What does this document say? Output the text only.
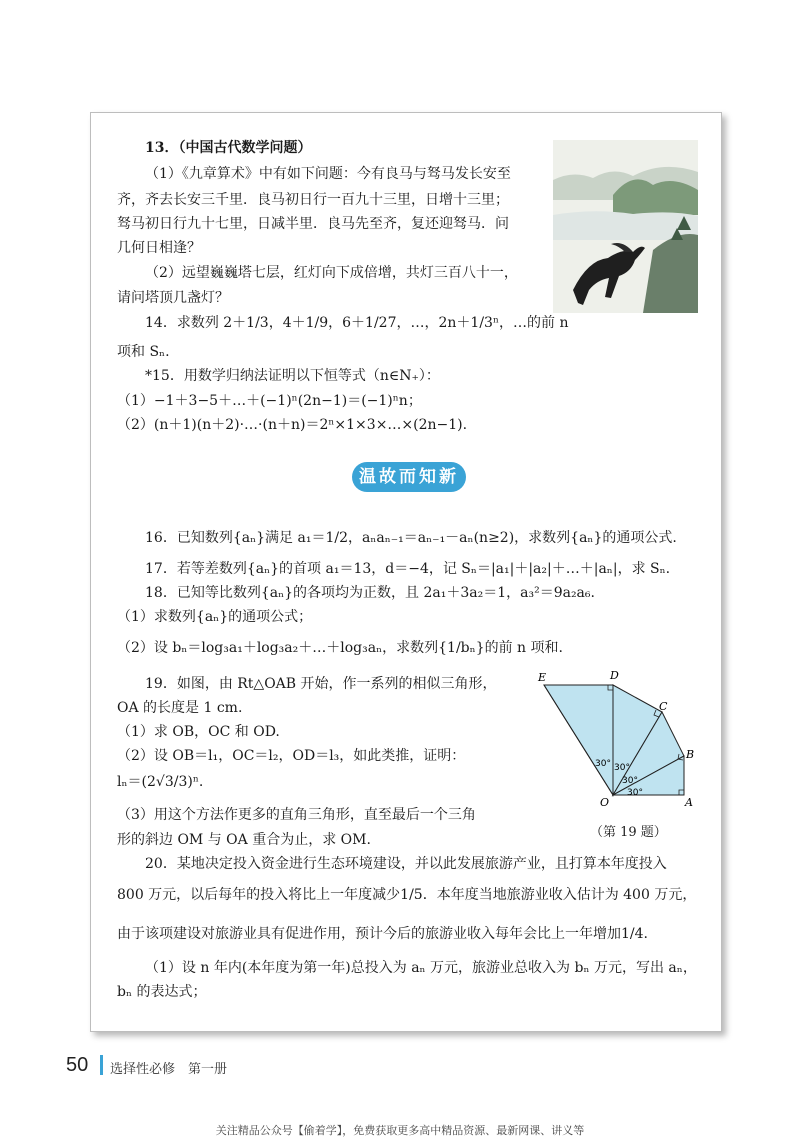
13．（中国古代数学问题）
（1）《九章算术》中有如下问题：今有良马与驽马发长安至
齐，齐去长安三千里．良马初日行一百九十三里，日增十三里；
驽马初日行九十七里，日减半里．良马先至齐，复还迎驽马．问
几何日相逢？
（2）远望巍巍塔七层，红灯向下成倍增，共灯三百八十一，
请问塔顶几盏灯？
14．求数列 2＋1/3，4＋1/9，6＋1/27，…，2n＋1/3ⁿ，…的前 n
项和 Sₙ.
*15．用数学归纳法证明以下恒等式（n∈N₊）：
（1）−1＋3−5＋…＋(−1)ⁿ(2n−1)＝(−1)ⁿn；
（2）(n＋1)(n＋2)·…·(n＋n)＝2ⁿ×1×3×…×(2n−1).
温故而知新
16．已知数列{aₙ}满足 a₁＝1/2，aₙaₙ₋₁＝aₙ₋₁－aₙ(n≥2)，求数列{aₙ}的通项公式.
17．若等差数列{aₙ}的首项 a₁＝13，d＝−4，记 Sₙ＝|a₁|＋|a₂|＋…＋|aₙ|，求 Sₙ.
18．已知等比数列{aₙ}的各项均为正数，且 2a₁＋3a₂＝1，a₃²＝9a₂a₆.
（1）求数列{aₙ}的通项公式；
（2）设 bₙ＝log₃a₁＋log₃a₂＋…＋log₃aₙ，求数列{1/bₙ}的前 n 项和.
19．如图，由 Rt△OAB 开始，作一系列的相似三角形，
OA 的长度是 1 cm.
（1）求 OB，OC 和 OD.
（2）设 OB＝l₁，OC＝l₂，OD＝l₃，如此类推，证明：
lₙ＝(2√3/3)ⁿ.
（3）用这个方法作更多的直角三角形，直至最后一个三角
形的斜边 OM 与 OA 重合为止，求 OM.
E	D
C
B
O	A
30° 30°
30°
30°
（第 19 题）
20．某地决定投入资金进行生态环境建设，并以此发展旅游产业，且打算本年度投入
800 万元，以后每年的投入将比上一年度减少1/5．本年度当地旅游业收入估计为 400 万元，
由于该项建设对旅游业具有促进作用，预计今后的旅游业收入每年会比上一年增加1/4.
（1）设 n 年内(本年度为第一年)总投入为 aₙ 万元，旅游业总收入为 bₙ 万元，写出 aₙ，
bₙ 的表达式；
50 选择性必修　第一册
关注精品公众号【偷着学】，免费获取更多高中精品资源、最新网课、讲义等
